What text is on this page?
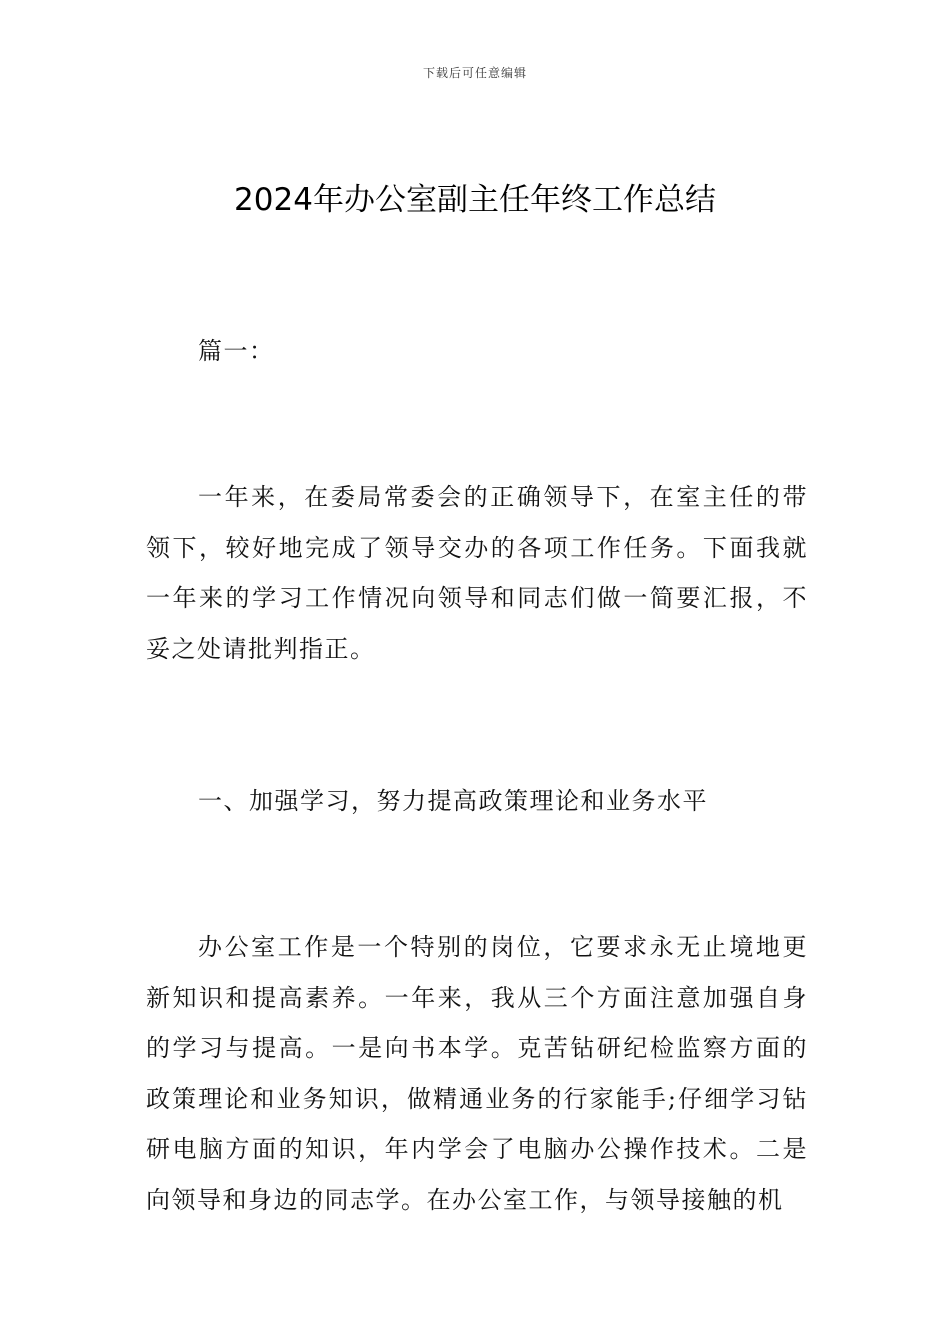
下载后可任意编辑
2024年办公室副主任年终工作总结

篇一：

一年来，在委局常委会的正确领导下，在室主任的带领下，较好地完成了领导交办的各项工作任务。下面我就一年来的学习工作情况向领导和同志们做一简要汇报，不妥之处请批判指正。

一、加强学习，努力提高政策理论和业务水平

办公室工作是一个特别的岗位，它要求永无止境地更新知识和提高素养。一年来，我从三个方面注意加强自身的学习与提高。一是向书本学。克苦钻研纪检监察方面的政策理论和业务知识，做精通业务的行家能手;仔细学习钻研电脑方面的知识，年内学会了电脑办公操作技术。二是向领导和身边的同志学。在办公室工作，与领导接触的机
